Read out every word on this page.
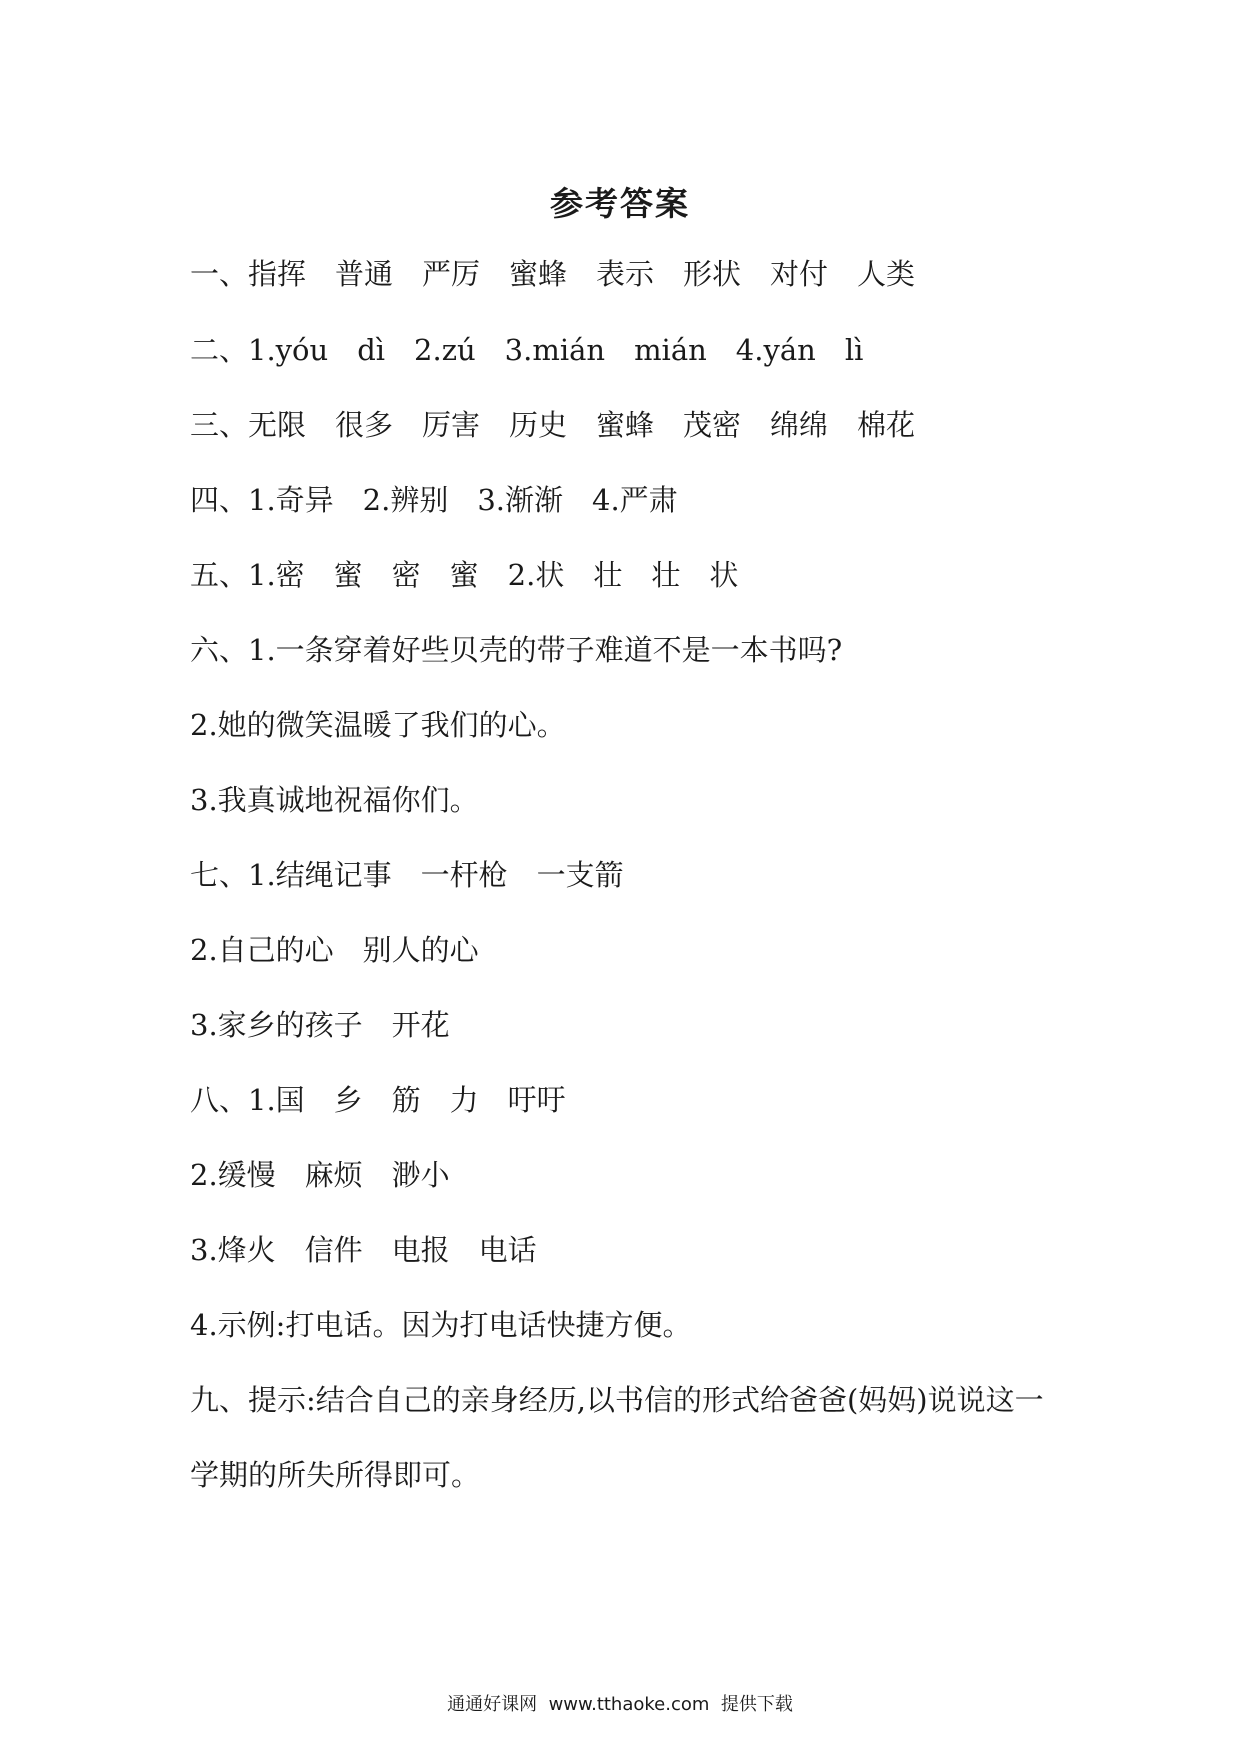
参考答案
一、指挥　普通　严厉　蜜蜂　表示　形状　对付　人类
二、1.yóu　dì　2.zú　3.mián　mián　4.yán　lì
三、无限　很多　厉害　历史　蜜蜂　茂密　绵绵　棉花
四、1.奇异　2.辨别　3.渐渐　4.严肃
五、1.密　蜜　密　蜜　2.状　壮　壮　状
六、1.一条穿着好些贝壳的带子难道不是一本书吗?
2.她的微笑温暖了我们的心。
3.我真诚地祝福你们。
七、1.结绳记事　一杆枪　一支箭
2.自己的心　别人的心
3.家乡的孩子　开花
八、1.国　乡　筋　力　吁吁
2.缓慢　麻烦　渺小
3.烽火　信件　电报　电话
4.示例:打电话。因为打电话快捷方便。
九、提示:结合自己的亲身经历,以书信的形式给爸爸(妈妈)说说这一
学期的所失所得即可。
通通好课网  www.tthaoke.com  提供下载
